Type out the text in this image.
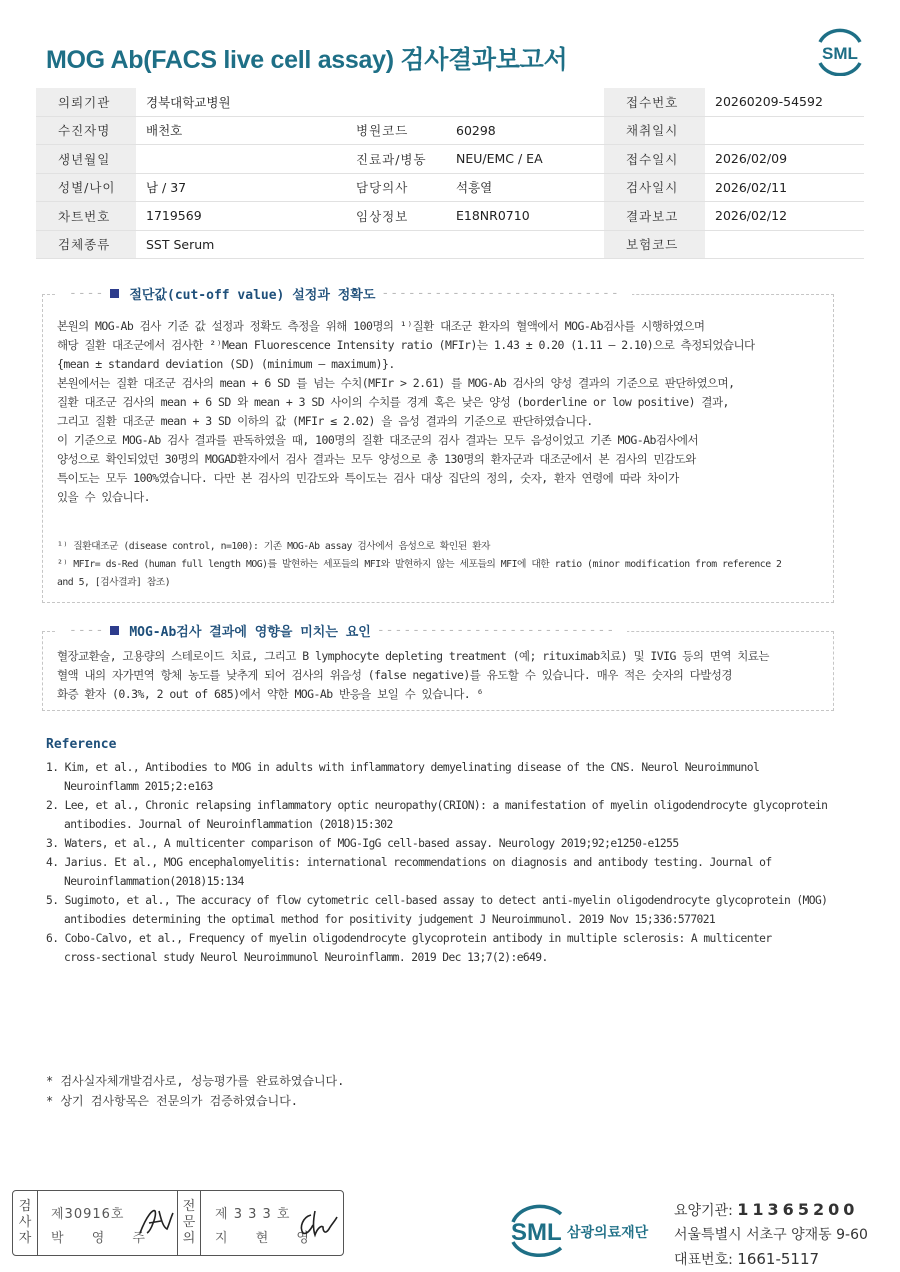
MOG Ab(FACS live cell assay) 검사결과보고서	SML
의뢰기관	경북대학교병원			접수번호	20260209-54592
수진자명	배천호	병원코드	60298	채취일시	
생년월일		진료과/병동	NEU/EMC / EA	접수일시	2026/02/09
성별/나이	남 / 37	담당의사	석흥열	검사일시	2026/02/11
차트번호	1719569	임상정보	E18NR0710	결과보고	2026/02/12
검체종류	SST Serum			보험코드	
---- 절단값(cut-off value) 설정과 정확도 ---------------------------

본원의 MOG-Ab 검사 기준 값 설정과 정확도 측정을 위해 100명의 ¹⁾질환 대조군 환자의 혈액에서 MOG-Ab검사를 시행하였으며

해당 질환 대조군에서 검사한 ²⁾Mean Fluorescence Intensity ratio (MFIr)는 1.43 ± 0.20 (1.11 – 2.10)으로 측정되었습니다

{mean ± standard deviation (SD) (minimum – maximum)}.

본원에서는 질환 대조군 검사의 mean + 6 SD 를 넘는 수치(MFIr > 2.61) 를 MOG-Ab 검사의 양성 결과의 기준으로 판단하였으며,

질환 대조군 검사의 mean + 6 SD 와 mean + 3 SD 사이의 수치를 경계 혹은 낮은 양성 (borderline or low positive) 결과,

그리고 질환 대조군 mean + 3 SD 이하의 값 (MFIr ≤ 2.02) 을 음성 결과의 기준으로 판단하였습니다.

이 기준으로 MOG-Ab 검사 결과를 판독하였을 때, 100명의 질환 대조군의 검사 결과는 모두 음성이었고 기존 MOG-Ab검사에서

양성으로 확인되었던 30명의 MOGAD환자에서 검사 결과는 모두 양성으로 총 130명의 환자군과 대조군에서 본 검사의 민감도와

특이도는 모두 100%였습니다. 다만 본 검사의 민감도와 특이도는 검사 대상 집단의 정의, 숫자, 환자 연령에 따라 차이가

있을 수 있습니다.

¹⁾ 질환대조군 (disease control, n=100): 기존 MOG-Ab assay 검사에서 음성으로 확인된 환자

²⁾ MFIr= ds-Red (human full length MOG)를 발현하는 세포들의 MFI와 발현하지 않는 세포들의 MFI에 대한 ratio (minor modification from reference 2

and 5, [검사결과] 참조)

---- MOG-Ab검사 결과에 영향을 미치는 요인 ---------------------------

혈장교환술, 고용량의 스테로이드 치료, 그리고 B lymphocyte depleting treatment (예; rituximab치료) 및 IVIG 등의 면역 치료는

혈액 내의 자가면역 항체 농도를 낮추게 되어 검사의 위음성 (false negative)를 유도할 수 있습니다. 매우 적은 숫자의 다발성경

화증 환자 (0.3%, 2 out of 685)에서 약한 MOG-Ab 반응을 보일 수 있습니다. ⁶

Reference
1. Kim, et al., Antibodies to MOG in adults with inflammatory demyelinating disease of the CNS. Neurol Neuroimmunol
Neuroinflamm 2015;2:e163
2. Lee, et al., Chronic relapsing inflammatory optic neuropathy(CRION): a manifestation of myelin oligodendrocyte glycoprotein
antibodies. Journal of Neuroinflammation (2018)15:302
3. Waters, et al., A multicenter comparison of MOG-IgG cell-based assay. Neurology 2019;92;e1250-e1255
4. Jarius. Et al., MOG encephalomyelitis: international recommendations on diagnosis and antibody testing. Journal of
Neuroinflammation(2018)15:134
5. Sugimoto, et al., The accuracy of flow cytometric cell-based assay to detect anti-myelin oligodendrocyte glycoprotein (MOG)
antibodies determining the optimal method for positivity judgement J Neuroimmunol. 2019 Nov 15;336:577021
6. Cobo-Calvo, et al., Frequency of myelin oligodendrocyte glycoprotein antibody in multiple sclerosis: A multicenter
cross-sectional study Neurol Neuroimmunol Neuroinflamm. 2019 Dec 13;7(2):e649.
* 검사실자체개발검사로, 성능평가를 완료하였습니다.
* 상기 검사항목은 전문의가 검증하였습니다.
검
사
자
제30916호
박 영 주
전
문
의
제 3 3 3 호
지 현 영	SML 삼광의료재단
요양기관: 11365200
서울특별시 서초구 양재동 9-60
대표번호: 1661-5117
